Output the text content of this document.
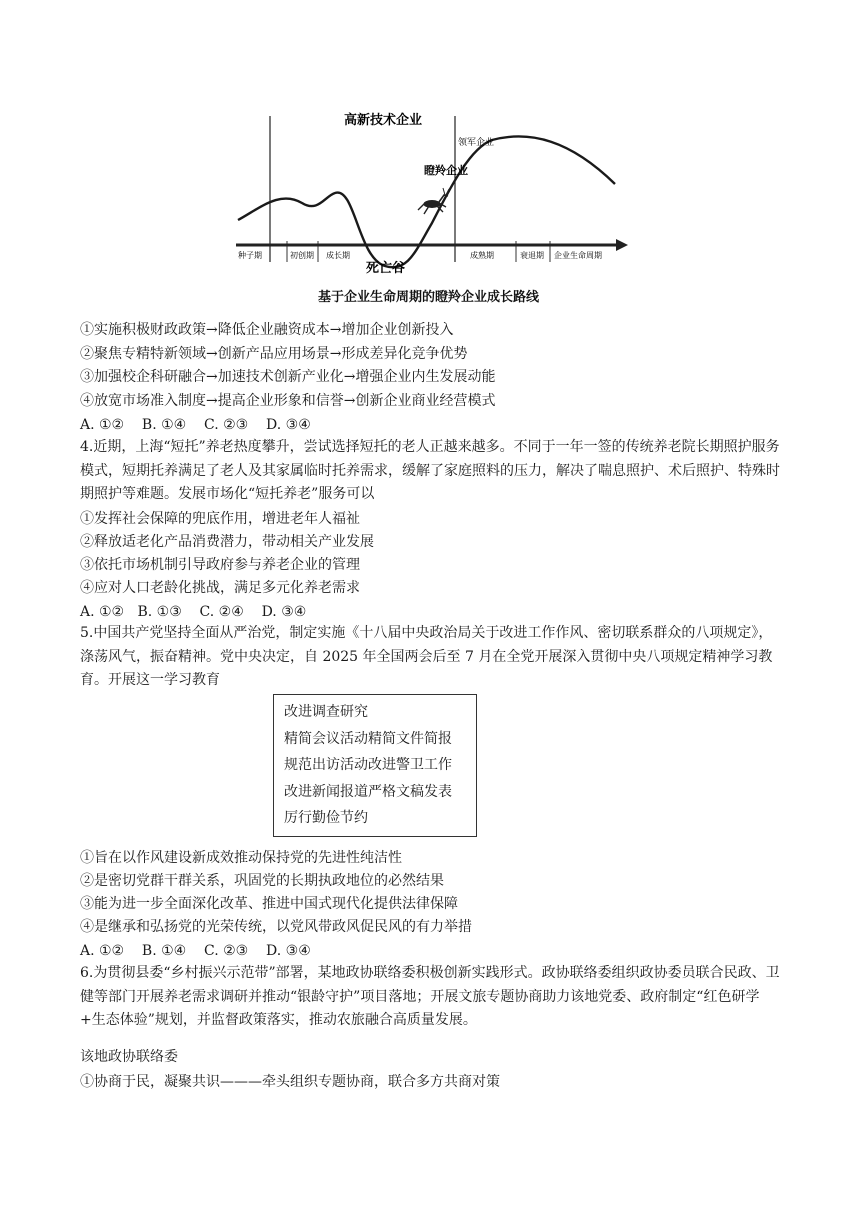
高新技术企业
领军企业
瞪羚企业
死亡谷
种子期	初创期 成长期	成熟期	衰退期 企业生命周期
基于企业生命周期的瞪羚企业成长路线
①实施积极财政政策→降低企业融资成本→增加企业创新投入
②聚焦专精特新领域→创新产品应用场景→形成差异化竞争优势
③加强校企科研融合→加速技术创新产业化→增强企业内生发展动能
④放宽市场准入制度→提高企业形象和信誉→创新企业商业经营模式
A. ①②    B. ①④    C. ②③    D. ③④
4.近期，上海“短托”养老热度攀升，尝试选择短托的老人正越来越多。不同于一年一签的传统养老院长期照护服务模式，短期托养满足了老人及其家属临时托养需求，缓解了家庭照料的压力，解决了喘息照护、术后照护、特殊时期照护等难题。发展市场化“短托养老”服务可以
①发挥社会保障的兜底作用，增进老年人福祉
②释放适老化产品消费潜力，带动相关产业发展
③依托市场机制引导政府参与养老企业的管理
④应对人口老龄化挑战，满足多元化养老需求
A. ①②   B. ①③    C. ②④    D. ③④
5.中国共产党坚持全面从严治党，制定实施《十八届中央政治局关于改进工作作风、密切联系群众的八项规定》，涤荡风气，振奋精神。党中央决定，自 2025 年全国两会后至 7 月在全党开展深入贯彻中央八项规定精神学习教育。开展这一学习教育
改进调查研究
精简会议活动精简文件简报
规范出访活动改进警卫工作
改进新闻报道严格文稿发表
厉行勤俭节约
①旨在以作风建设新成效推动保持党的先进性纯洁性
②是密切党群干群关系，巩固党的长期执政地位的必然结果
③能为进一步全面深化改革、推进中国式现代化提供法律保障
④是继承和弘扬党的光荣传统，以党风带政风促民风的有力举措
A. ①②    B. ①④    C. ②③    D. ③④
6.为贯彻县委“乡村振兴示范带”部署，某地政协联络委积极创新实践形式。政协联络委组织政协委员联合民政、卫健等部门开展养老需求调研并推动“银龄守护”项目落地；开展文旅专题协商助力该地党委、政府制定“红色研学+生态体验”规划，并监督政策落实，推动农旅融合高质量发展。
该地政协联络委
①协商于民，凝聚共识———牵头组织专题协商，联合多方共商对策
